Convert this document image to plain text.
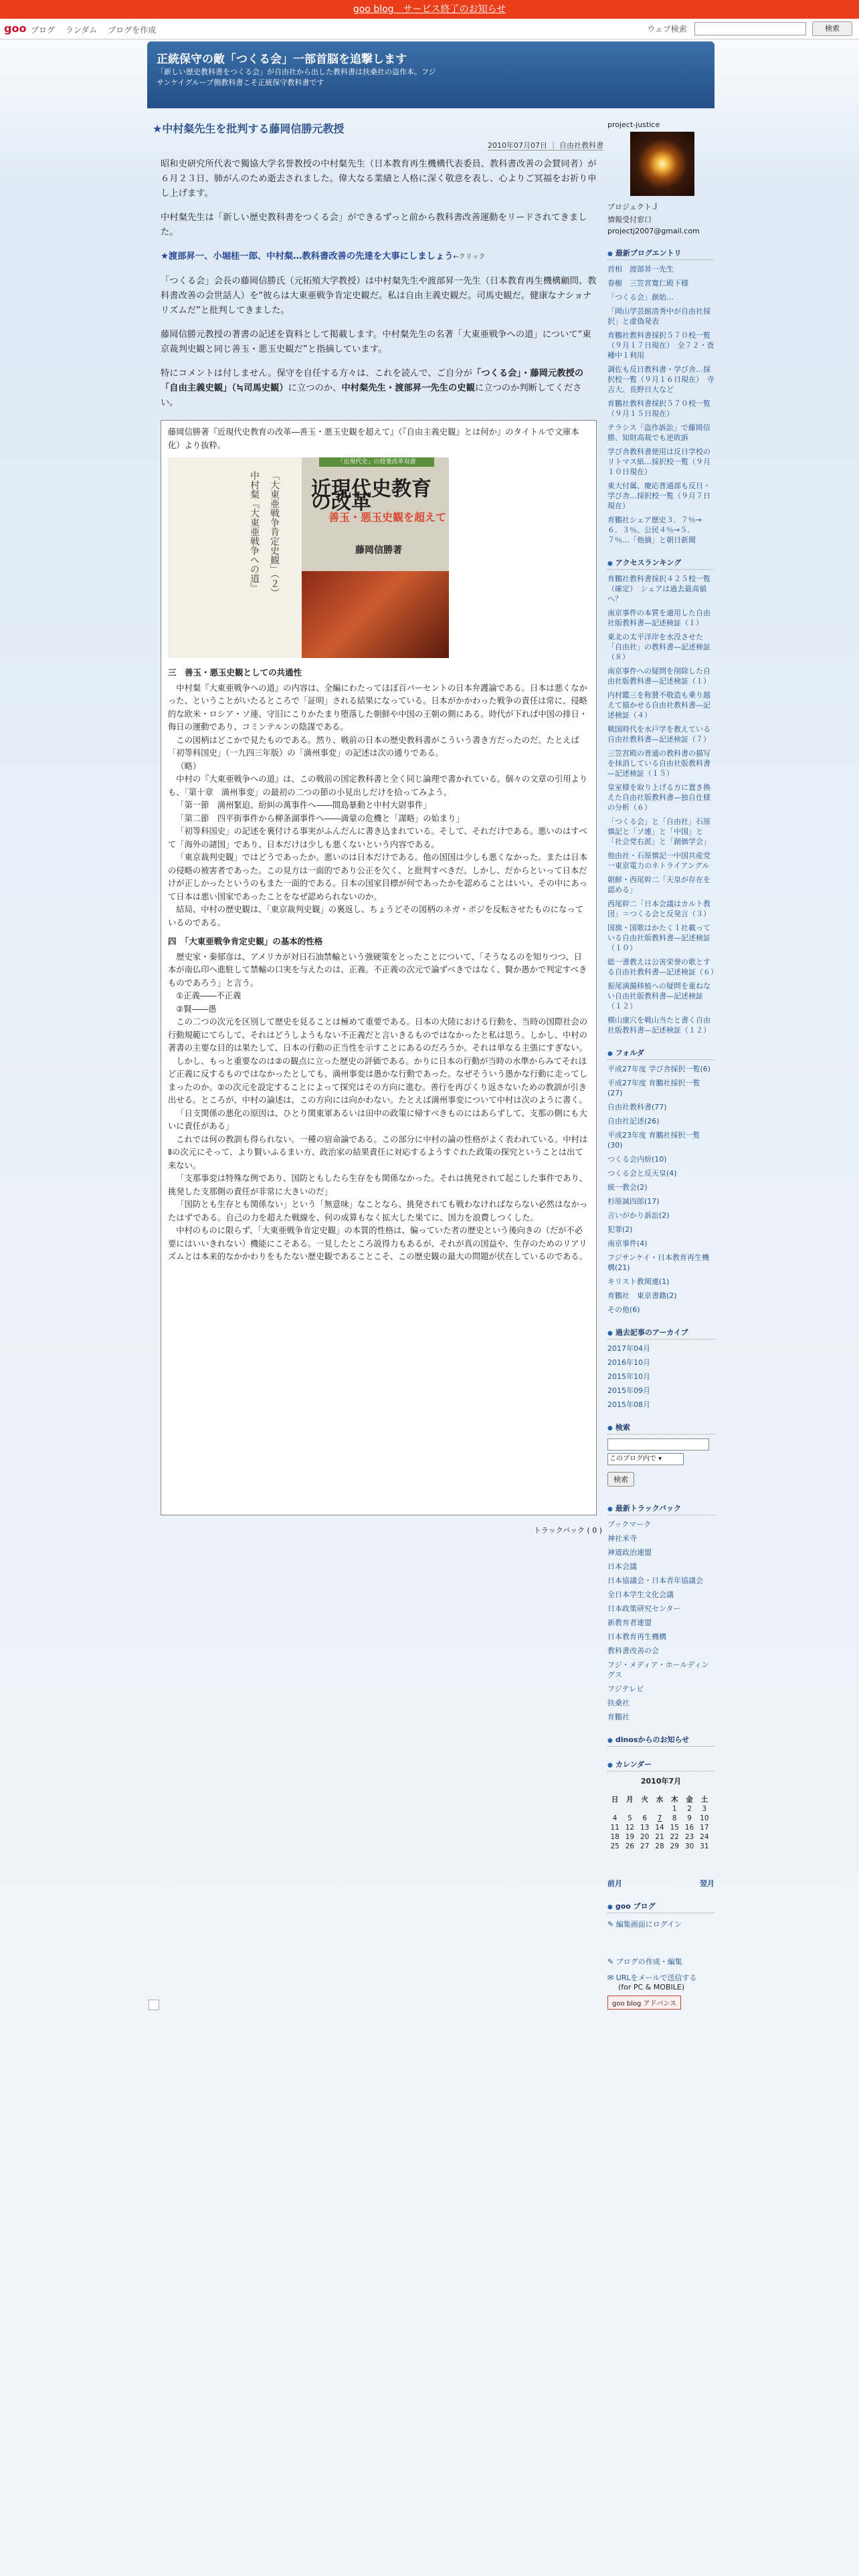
goo blog　サービス終了のお知らせ
goo ブログ ランダム ブログを作成	ウェブ検索	検索
正統保守の敵「つくる会」一部首脳を追撃します
「新しい歴史教科書をつくる会」が自由社から出した教科書は扶桑社の盗作本。フジサンケイグループ側教科書こそ正統保守教科書です
★中村粲先生を批判する藤岡信勝元教授
2010年07月07日 ｜ 自由社教科書

昭和史研究所代表で獨協大学名誉教授の中村粲先生（日本教育再生機構代表委員、教科書改善の会賛同者）が６月２３日、肺がんのため逝去されました。偉大なる業績と人格に深く敬意を表し、心よりご冥福をお祈り申し上げます。

中村粲先生は「新しい歴史教科書をつくる会」ができるずっと前から教科書改善運動をリードされてきました。

★渡部昇一、小堀桂一郎、中村粲…教科書改善の先達を大事にしましょう←クリック

「つくる会」会長の藤岡信勝氏（元拓殖大学教授）は中村粲先生や渡部昇一先生（日本教育再生機構顧問、教科書改善の会世話人）を“彼らは大東亜戦争肯定史観だ。私は自由主義史観だ。司馬史観だ。健康なナショナリズムだ”と批判してきました。

藤岡信勝元教授の著書の記述を資料として掲載します。中村粲先生の名著「大東亜戦争への道」について“東京裁判史観と同じ善玉・悪玉史観だ”と指摘しています。

特にコメントは付しません。保守を自任する方々は、これを読んで、ご自分が「つくる会」・藤岡元教授の「自由主義史観」（≒司馬史観）に立つのか、中村粲先生・渡部昇一先生の史観に立つのか判断してください。

藤岡信勝著『近現代史教育の改革―善玉・悪玉史観を超えて』（『自由主義史観』とは何か』のタイトルで文庫本化）より抜粋。

「大東亜戦争肯定史観」（２）
中村粲『大東亜戦争への道』
「近現代史」の授業改革双書
近現代史教育の改革
善玉・悪玉史観を超えて
藤岡信勝著
三　善玉・悪玉史観としての共通性

中村粲『大東亜戦争への道』の内容は、全編にわたってほぼ百パーセントの日本弁護論である。日本は悪くなかった、ということがいたるところで「証明」される結果になっている。日本がかかわった戦争の責任は常に、侵略的な欧米・ロシア・ソ連、守旧にこりかたまり堕落した朝鮮や中国の王朝の側にある。時代が下れば中国の排日・侮日の運動であり、コミンテルンの陰謀である。

この図柄はどこかで見たものである。然り、戦前の日本の歴史教科書がこういう書き方だったのだ。たとえば「初等科国史」（一九四三年版）の「満州事変」の記述は次の通りである。

（略）

中村の『大東亜戦争への道』は、この戦前の国定教科書と全く同じ論理で書かれている。個々の文章の引用よりも、「第十章　満州事変」の最初の二つの節の小見出しだけを拾ってみよう。

「第一節　満州緊迫、紛糾の萬事件へ――間島暴動と中村大尉事件」

「第二節　四平街事件から柳条湖事件へ――満蒙の危機と「謀略」の始まり」

「初等科国史」の記述を裏付ける事実がふんだんに書き込まれている。そして、それだけである。悪いのはすべて「海外の諸国」であり、日本だけは少しも悪くないという内容である。

「東京裁判史観」ではどうであったか。悪いのは日本だけである。他の国国は少しも悪くなかった。または日本の侵略の被害者であった。この見方は一面的であり公正を欠く、と批判すべきだ。しかし、だからといって日本だけが正しかったというのもまた一面的である。日本の国家目標が何であったかを認めることはいい。その中にあって日本は悪い国家であったことをなぜ認められないのか。

結局、中村の歴史観は、「東京裁判史観」の裏返し、ちょうどその図柄のネガ・ポジを反転させたものになっているのである。

四　「大東亜戦争肯定史観」の基本的性格

歴史家・秦郁彦は、アメリカが対日石油禁輸という強硬策をとったことについて、「そうなるのを知りつつ、日本が南仏印へ進駐して禁輸の口実を与えたのは、正義。不正義の次元で論ずべきではなく、賢か愚かで判定すべきものであろう」と言う。

①正義――不正義

②賢――愚

この二つの次元を区別して歴史を見ることは極めて重要である。日本の大陸における行動を、当時の国際社会の行動規範にてらして、それはどうしようもない不正義だと言いきるものではなかったと私は思う。しかし、中村の著書の主要な目的は果たして、日本の行動の正当性を示すことにあるのだろうか。それは単なる主張にすぎない。

しかし、もっと重要なのは②の観点に立った歴史の評価である。かりに日本の行動が当時の水準からみてそれほど正義に反するものではなかったとしても、満州事変は愚かな行動であった。なぜそういう愚かな行動に走ってしまったのか。②の次元を設定することによって探究はその方向に進む。善行を再びくり返さないための教訓が引き出せる。ところが、中村の論述は、この方向には向かわない。たとえば満州事変について中村は次のように書く。

「日支関係の悪化の原因は、ひとり関東軍あるいは田中の政策に帰すべきものにはあらずして、支那の側にも大いに責任がある」

これでは何の教訓も得られない。一種の宿命論である。この部分に中村の論の性格がよく表われている。中村はⅡの次元にそって、より賢いふるまい方、政治家の結果責任に対応するようすぐれた政策の探究ということは出て来ない。

「支那事変は特殊な例であり、国防ともしたら生存をも関係なかった。それは挑発されて起こした事件であり、挑発した支那側の責任が非常に大きいのだ」

「国防とも生存とも関係ない」という「無意味」なことなら、挑発されても戦わなければならない必然はなかったはずである。自己の力を超えた戦線を、何の成算もなく拡大した果てに、国力を浪費しつくした。

中村のものに限らず、「大東亜戦争肯定史観」の本質的性格は、偏っていた者の歴史という後向きの（だが不必要にはいいきれない）機能にこそある。一見したところ説得力もあるが、それが真の国益や、生存のためのリアリズムとは本来的なかかわりをもたない歴史観であることこそ、この歴史観の最大の問題が伏在しているのである。

トラックバック ( 0 )
project-justice
プロジェクトＪ
情報受付窓口
projectj2007@gmail.com
● 最新プログエントリ
首相　渡部昇一先生
春樹　三笠宮寛仁殿下様
「つくる会」創始…
「岡山学芸館清秀中が自由社採択」と虚偽発表
育鵬社教科書採択５７０校一覧（９月１７日現在）　全７２・査種中１利用
調佐も反日教科書・学び舎…採択校一覧（９月１６日現在）　寺吉大、長野日大など
育鵬社教科書採択５７０校一覧（９月１５日現在）
テラシス「盗作訴訟」で藤岡信勝、知財高裁でも逆敗訴
学び舎教科書使用は反日学校のリトマス紙…採択校一覧（９月１０日現在）
東大付属、慶応普通部も反日・学び舎…採択校一覧（９月７日現在）
育鵬社シェア歴史３．７％→６．３％、公民４％→５．７％…「他摘」と朝日新聞
● アクセスランキング
育鵬社教科書採択４２５校一覧（確定）　シェアは過去最高値へ？
南京事件の本質を適用した自由社版教科書—記述検証（１）
東北の太平洋岸を水没させた「自由社」の教科書—記述検証（８）
南京事件への疑問を削除した自由社版教科書—記述検証（１）
内村鑑三を称賛不敬造も乗り越えて描かせる自由社教科書—記述検証（４）
戦国時代を水戸学を教えている自由社教科書—記述検証（７）
三笠宮殿の普通の教科書の描写を抹消している自由社版教科書—記述検証（１５）
皇室様を取り上げる方に置き換えた自由社版教科書—独自仕様の分析（６）
「つくる会」と「自由社」石原慎記と「ソ連」と「中国」と「社会党右派」と「創価学会」
他由社・石原慎記一中国共産党一東京電力のネトライアングル
朝鮮・西尾幹二「天皇が存在を認める」
西尾幹二「日本会議はカルト教団」＝つくる会と反発言（３）
国旗・国歌はかたく１社載っている自由社版教科書—記述検証（１０）
総一書教えは公害栄誉の歌とする自由社教科書—記述検証（６）
振尾満撮移植への疑問を重ねない自由社版教科書—記述検証（１２）
横山康穴を戦山当たと書く自由社版教科書—記述検証（１２）
● フォルダ
平成27年度 学び舎採択一覧(6)
平成27年度 育鵬社採択一覧(27)
自由社教科書(77)
自由社記述(26)
平成23年度 育鵬社採択一覧(30)
つくる会内紛(10)
つくる会と反天皇(4)
統一教会(2)
杉原誠四郎(17)
言いがかり訴訟(2)
犯罪(2)
南京事件(4)
フジサンケイ・日本教育再生機構(21)
キリスト教関連(1)
育鵬社　東京書籍(2)
その他(6)
● 過去記事のアーカイブ
2017年04月
2016年10月
2015年10月
2015年09月
2015年08月
● 検索
このブログ内で ▾
検索
● 最新トラックバック
ブックマーク
神社米寺
神道政治連盟
日本会議
日本協議会・日本青年協議会
全日本学生文化会議
日本政策研究センター
新教育者連盟
日本教育再生機構
教科書改善の会
フジ・メディア・ホールディングス
フジテレビ
扶桑社
育鵬社
● dinosからのお知らせ
● カレンダー
2010年7月
日	月	火	水	木	金	土
				1	2	3
4	5	6	7	8	9	10
11	12	13	14	15	16	17
18	19	20	21	22	23	24
25	26	27	28	29	30	31
前月	翌月
● goo ブログ
✎ 編集画面にログイン
✎ ブログの作成・編集
✉ URLをメールで送信する
(for PC & MOBILE)
goo blog アドバンス
